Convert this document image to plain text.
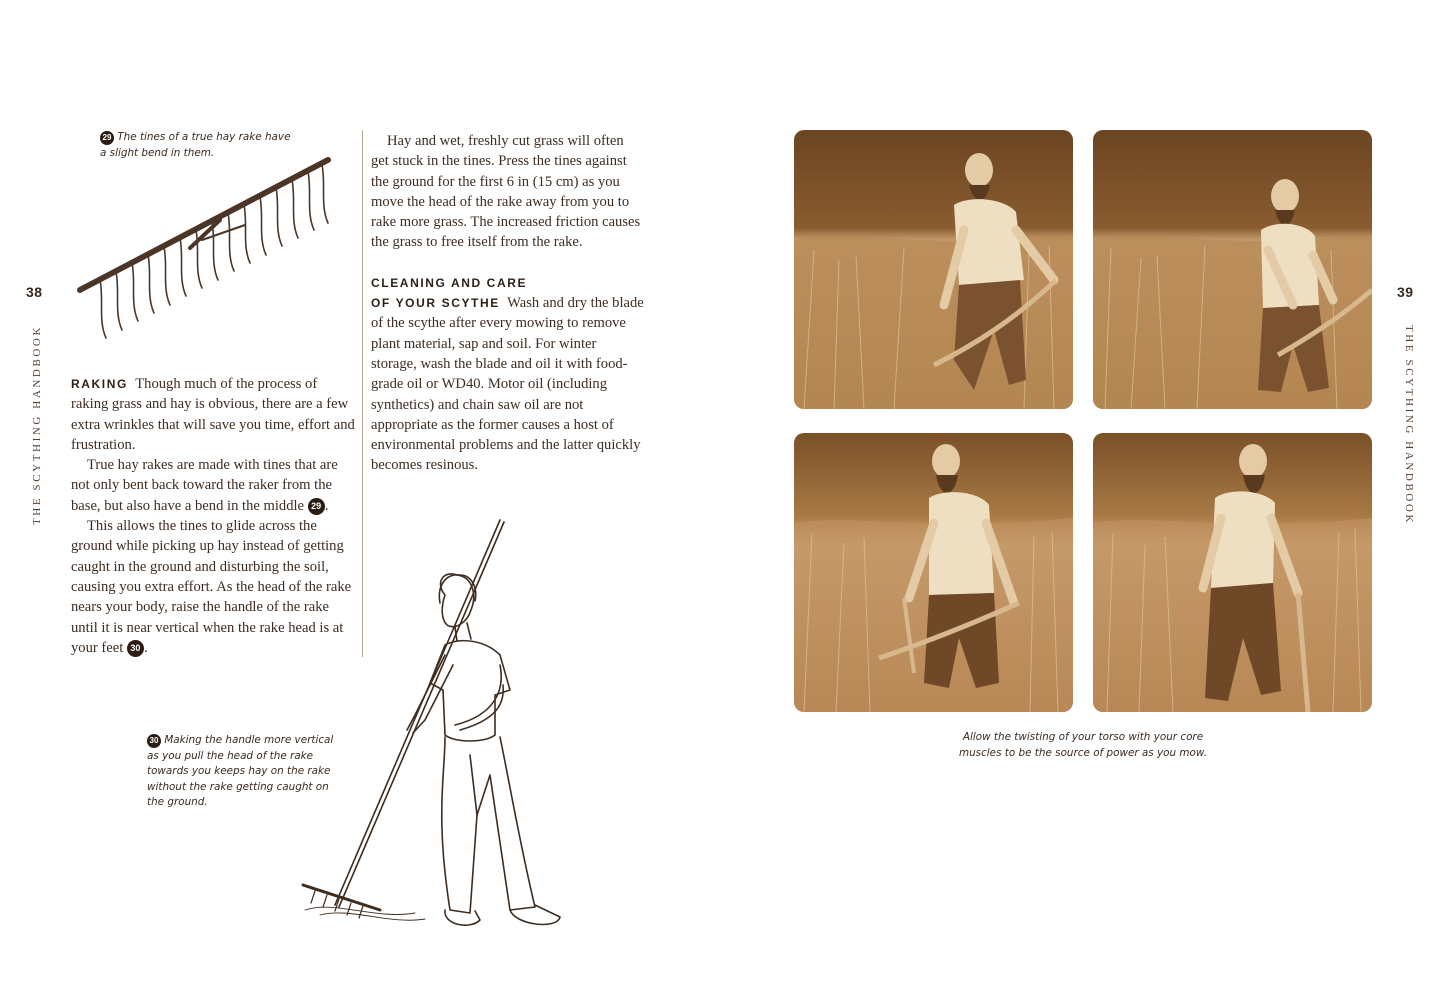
38
THE SCYTHING HANDBOOK
39
THE SCYTHING HANDBOOK
29 The tines of a true hay rake have a slight bend in them.

RAKING Though much of the process of raking grass and hay is obvious, there are a few extra wrinkles that will save you time, effort and frustration.

True hay rakes are made with tines that are not only bent back toward the raker from the base, but also have a bend in the middle 29 .

This allows the tines to glide across the ground while picking up hay instead of getting caught in the ground and disturbing the soil, causing you extra effort. As the head of the rake nears your body, raise the handle of the rake until it is near vertical when the rake head is at your feet 30 .

Hay and wet, freshly cut grass will often get stuck in the tines. Press the tines against the ground for the first 6 in (15 cm) as you move the head of the rake away from you to rake more grass. The increased friction causes the grass to free itself from the rake.

CLEANING AND CARE
OF YOUR SCYTHE Wash and dry the blade of the scythe after every mowing to remove plant material, sap and soil. For winter storage, wash the blade and oil it with food-grade oil or WD40. Motor oil (including synthetics) and chain saw oil are not appropriate as the former causes a host of environmental problems and the latter quickly becomes resinous.

30 Making the handle more vertical as you pull the head of the rake towards you keeps hay on the rake without the rake getting caught on the ground.
Allow the twisting of your torso with your core muscles to be the source of power as you mow.
